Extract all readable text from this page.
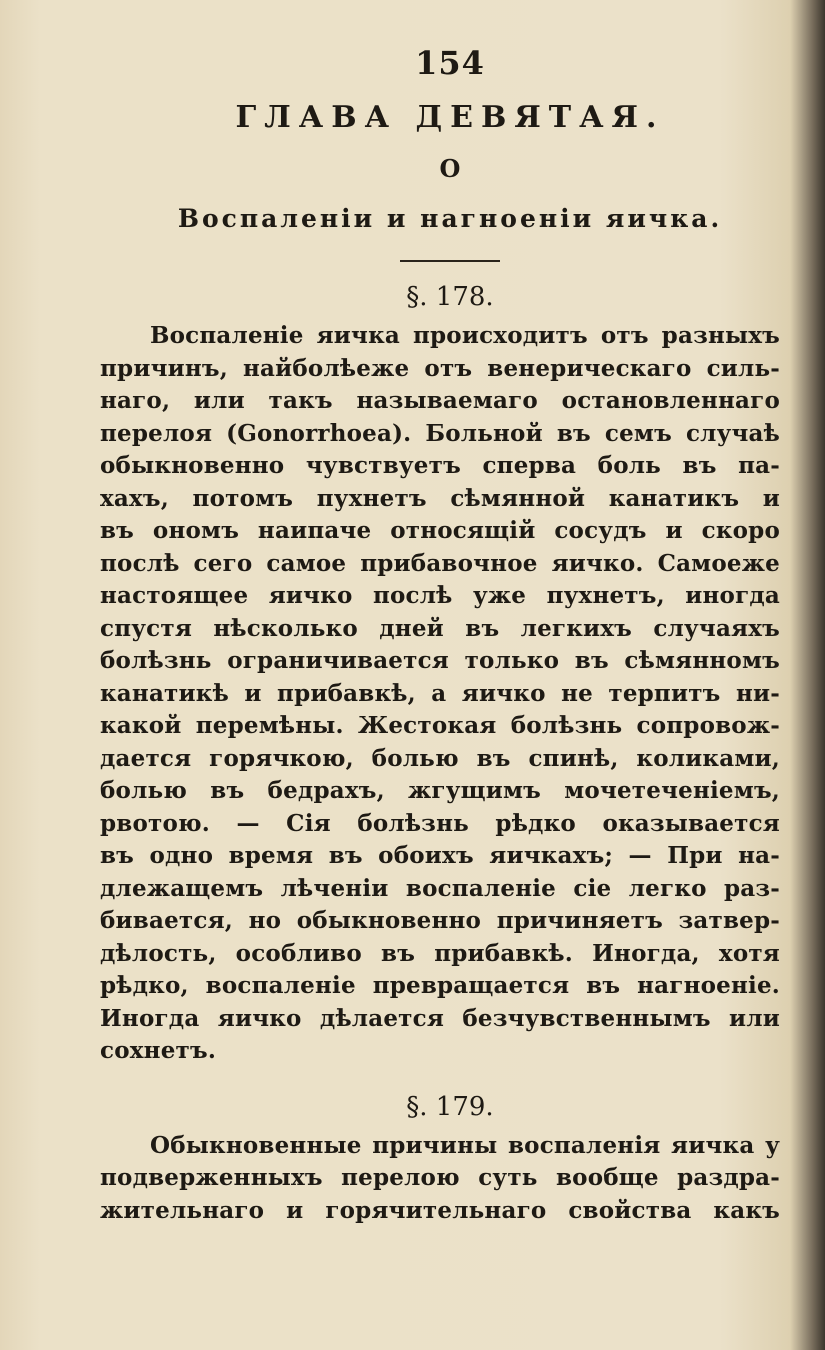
154
ГЛАВА ДЕВЯТАЯ.
О
Воспаленіи и нагноеніи яичка.
§. 178.
Воспаленіе яичка происходитъ отъ разныхъ
причинъ, найболѣеже отъ венерическаго силь-
наго, или такъ называемаго остановленнаго
перелоя (Gonorrhoea). Больной въ семъ случаѣ
обыкновенно чувствуетъ сперва боль въ па-
хахъ, потомъ пухнетъ сѣмянной канатикъ и
въ ономъ наипаче относящій сосудъ и скоро
послѣ сего самое прибавочное яичко. Самоеже
настоящее яичко послѣ уже пухнетъ, иногда
спустя нѣсколько дней въ легкихъ случаяхъ
болѣзнь ограничивается только въ сѣмянномъ
канатикѣ и прибавкѣ, а яичко не терпитъ ни-
какой перемѣны. Жестокая болѣзнь сопровож-
дается горячкою, болью въ спинѣ, коликами,
болью въ бедрахъ, жгущимъ мочетеченіемъ,
рвотою. — Сія болѣзнь рѣдко оказывается
въ одно время въ обоихъ яичкахъ; — При на-
длежащемъ лѣченіи воспаленіе сіе легко раз-
бивается, но обыкновенно причиняетъ затвер-
дѣлость, особливо въ прибавкѣ. Иногда, хотя
рѣдко, воспаленіе превращается въ нагноеніе.
Иногда яичко дѣлается безчувственнымъ или
сохнетъ.
§. 179.
Обыкновенные причины воспаленія яичка у
подверженныхъ перелою суть вообще раздра-
жительнаго и горячительнаго свойства какъ
